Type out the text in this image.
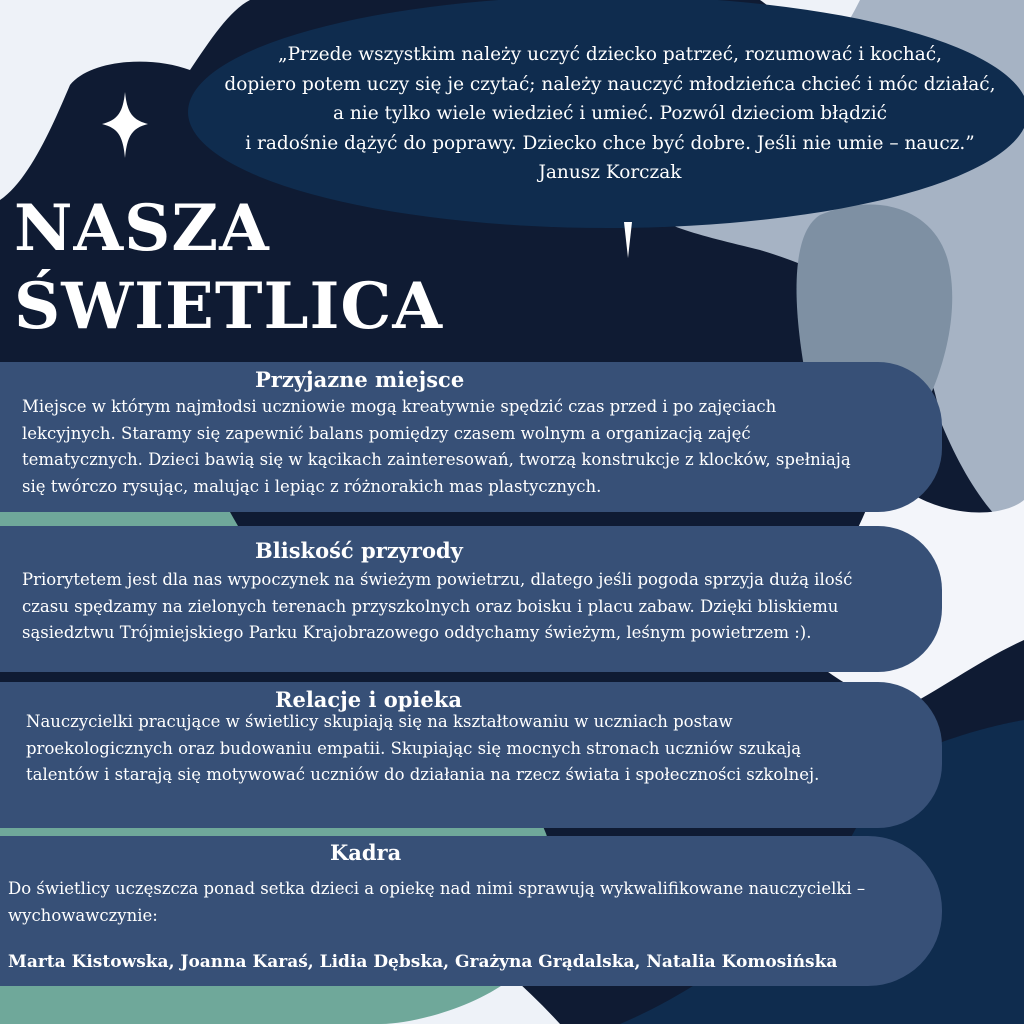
„Przede wszystkim należy uczyć dziecko patrzeć, rozumować i kochać,

dopiero potem uczy się je czytać; należy nauczyć młodzieńca chcieć i móc działać,

a nie tylko wiele wiedzieć i umieć. Pozwól dzieciom błądzić

i radośnie dążyć do poprawy. Dziecko chce być dobre. Jeśli nie umie – naucz.”

Janusz Korczak

NASZA
ŚWIETLICA
Przyjazne miejsce
Miejsce w którym najmłodsi uczniowie mogą kreatywnie spędzić czas przed i po zajęciach
lekcyjnych. Staramy się zapewnić balans pomiędzy czasem wolnym a organizacją zajęć
tematycznych. Dzieci bawią się w kącikach zainteresowań, tworzą konstrukcje z klocków, spełniają
się twórczo rysując, malując i lepiąc z różnorakich mas plastycznych.
Bliskość przyrody
Priorytetem jest dla nas wypoczynek na świeżym powietrzu, dlatego jeśli pogoda sprzyja dużą ilość
czasu spędzamy na zielonych terenach przyszkolnych oraz boisku i placu zabaw. Dzięki bliskiemu
sąsiedztwu Trójmiejskiego Parku Krajobrazowego oddychamy świeżym, leśnym powietrzem :).
Relacje i opieka
Nauczycielki pracujące w świetlicy skupiają się na kształtowaniu w uczniach postaw
proekologicznych oraz budowaniu empatii. Skupiając się mocnych stronach uczniów szukają
talentów i starają się motywować uczniów do działania na rzecz świata i społeczności szkolnej.
Kadra
Do świetlicy uczęszcza ponad setka dzieci a opiekę nad nimi sprawują wykwalifikowane nauczycielki –
wychowawczynie:

Marta Kistowska, Joanna Karaś, Lidia Dębska, Grażyna Grądalska, Natalia Komosińska
